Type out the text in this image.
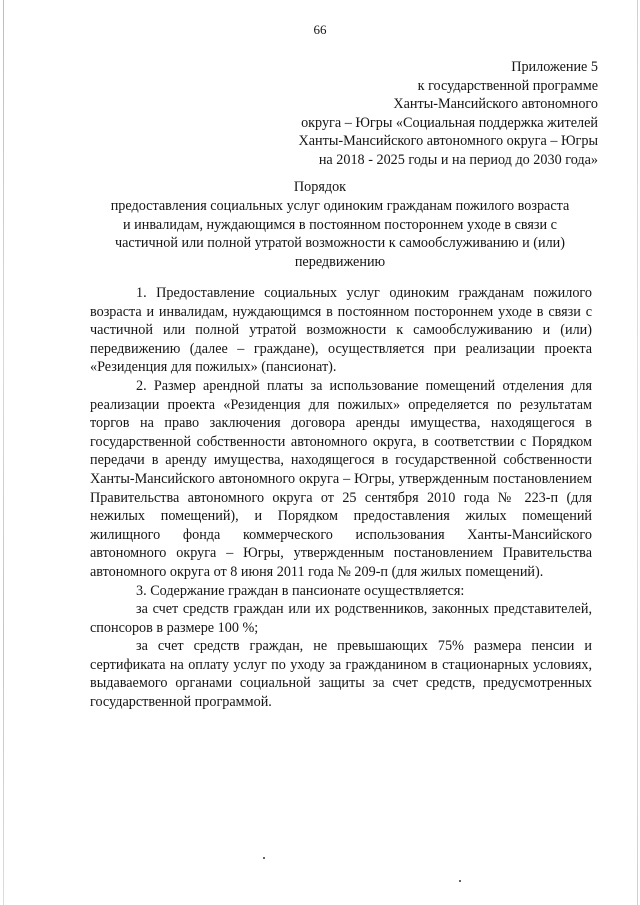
66
Приложение 5
к государственной программе
Ханты-Мансийского автономного
округа – Югры «Социальная поддержка жителей
Ханты-Мансийского автономного округа – Югры
на 2018 - 2025 годы и на период до 2030 года»
Порядок
предоставления социальных услуг одиноким гражданам пожилого возраста
и инвалидам, нуждающимся в постоянном постороннем уходе в связи с
частичной или полной утратой возможности к самообслуживанию и (или)
передвижению

1. Предоставление социальных услуг одиноким гражданам пожилого возраста и инвалидам, нуждающимся в постоянном постороннем уходе в связи с частичной или полной утратой возможности к самообслуживанию и (или) передвижению (далее – граждане), осуществляется при реализации проекта «Резиденция для пожилых» (пансионат).

2. Размер арендной платы за использование помещений отделения для реализации проекта «Резиденция для пожилых» определяется по результатам торгов на право заключения договора аренды имущества, находящегося в государственной собственности автономного округа, в соответствии с Порядком передачи в аренду имущества, находящегося в государственной собственности Ханты-Мансийского автономного округа – Югры, утвержденным постановлением Правительства автономного округа от 25 сентября 2010 года № 223-п (для нежилых помещений), и Порядком предоставления жилых помещений жилищного фонда коммерческого использования Ханты-Мансийского автономного округа – Югры, утвержденным постановлением Правительства автономного округа от 8 июня 2011 года № 209-п (для жилых помещений).

3. Содержание граждан в пансионате осуществляется:

за счет средств граждан или их родственников, законных представителей, спонсоров в размере 100 %;

за счет средств граждан, не превышающих 75% размера пенсии и сертификата на оплату услуг по уходу за гражданином в стационарных условиях, выдаваемого органами социальной защиты за счет средств, предусмотренных государственной программой.
